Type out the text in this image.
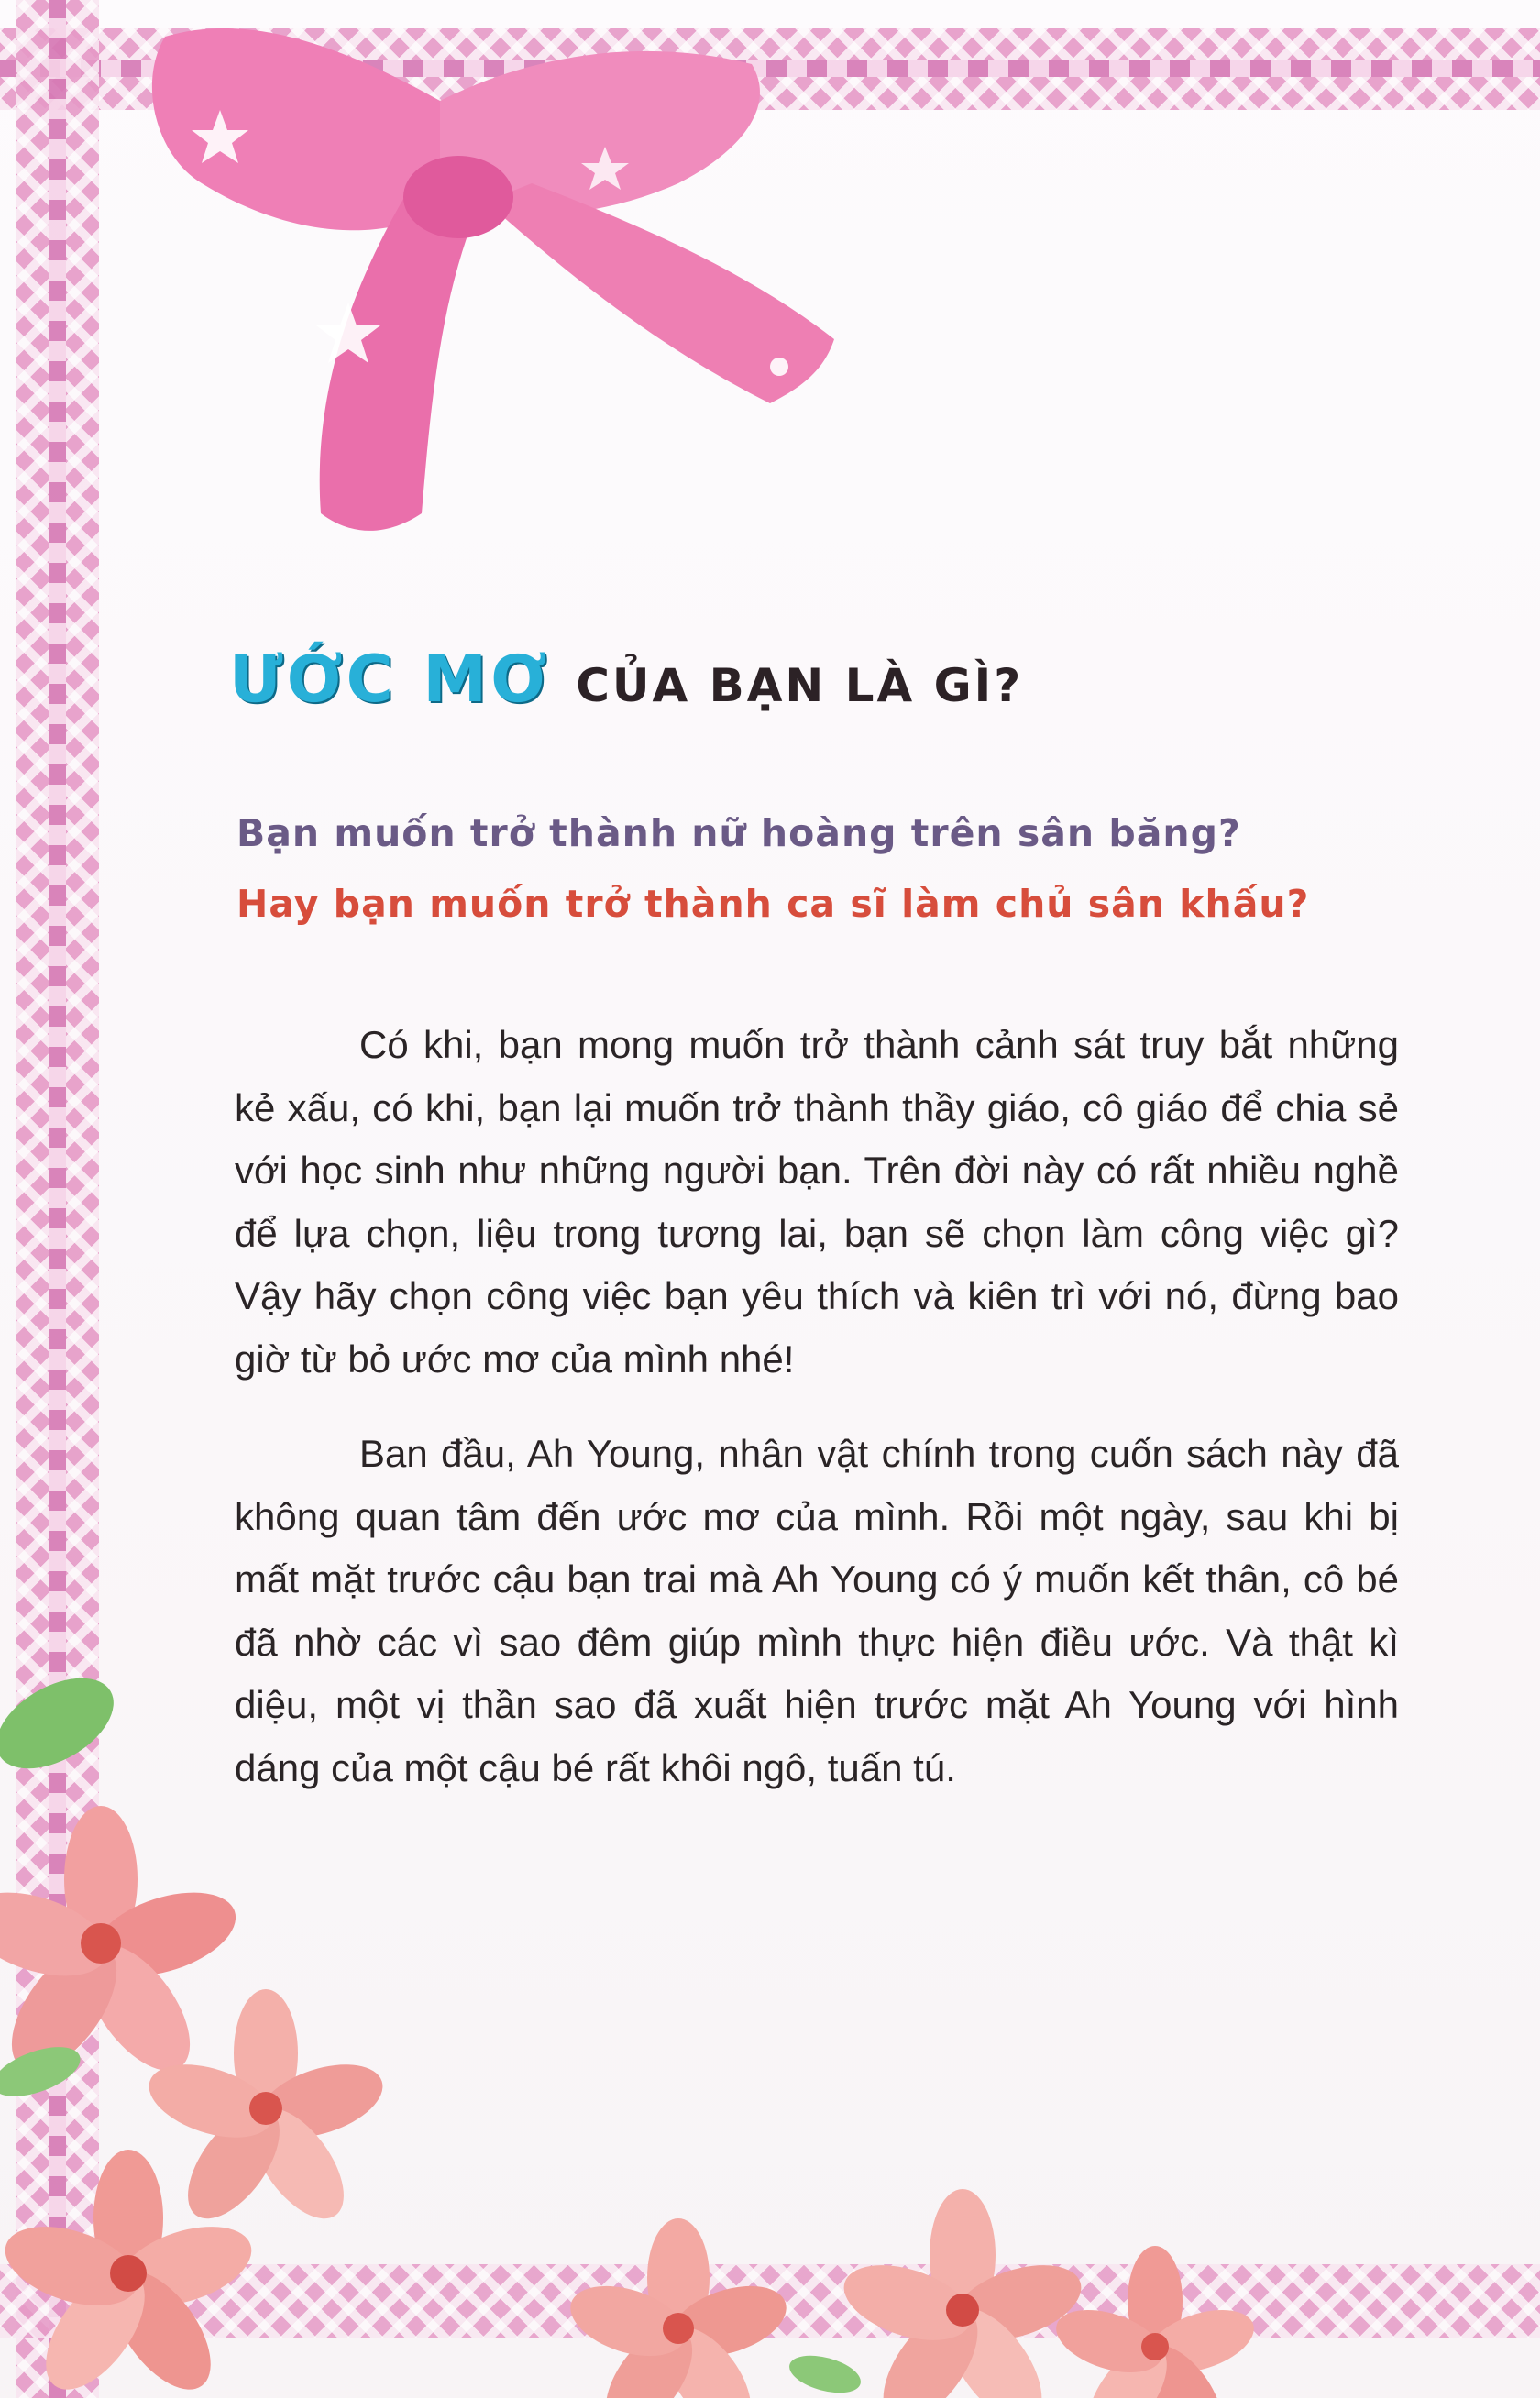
ƯỚC MƠ CỦA BẠN LÀ GÌ?
Bạn muốn trở thành nữ hoàng trên sân băng?
Hay bạn muốn trở thành ca sĩ làm chủ sân khấu?

Có khi, bạn mong muốn trở thành cảnh sát truy bắt những kẻ xấu, có khi, bạn lại muốn trở thành thầy giáo, cô giáo để chia sẻ với học sinh như những người bạn. Trên đời này có rất nhiều nghề để lựa chọn, liệu trong tương lai, bạn sẽ chọn làm công việc gì? Vậy hãy chọn công việc bạn yêu thích và kiên trì với nó, đừng bao giờ từ bỏ ước mơ của mình nhé!

Ban đầu, Ah Young, nhân vật chính trong cuốn sách này đã không quan tâm đến ước mơ của mình. Rồi một ngày, sau khi bị mất mặt trước cậu bạn trai mà Ah Young có ý muốn kết thân, cô bé đã nhờ các vì sao đêm giúp mình thực hiện điều ước. Và thật kì diệu, một vị thần sao đã xuất hiện trước mặt Ah Young với hình dáng của một cậu bé rất khôi ngô, tuấn tú.
